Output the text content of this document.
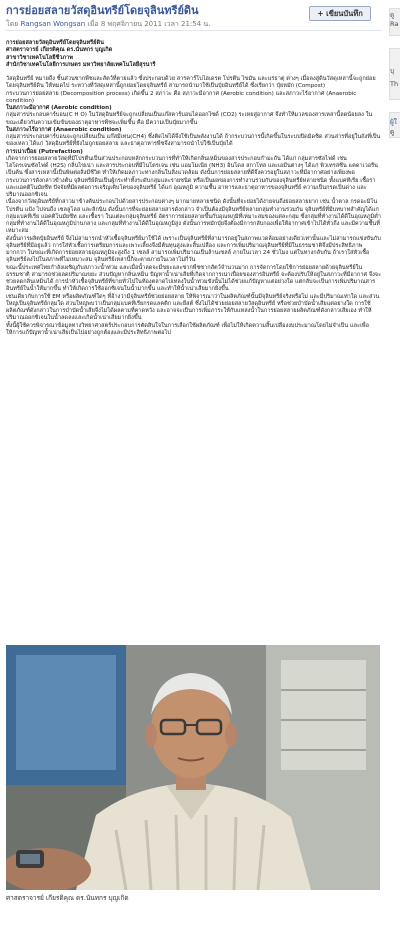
การย่อยสลายวัสดุอินทรีย์โดยจุลินทรีย์ดิน
โดย Rangsan Wongsan เมื่อ 8 พฤศจิกายน 2011 เวลา 21:54 น.
+ เขียนบันทึก

การย่อยสลายวัสดุอินทรีย์โดยจุลินทรีย์ดิน

ศาสตราจารย์ เกียรติคุณ ดร.นันทกร บุญเกิด

สาขาวิชาเทคโนโลยีชีวภาพ

สำนักวิชาเทคโนโลยีการเกษตร มหาวิทยาลัยเทคโนโลยีสุรนารี

วัสดุอินทรีย์ หมายถึง ชิ้นส่วนซากพืชและสัตว์ที่ตายแล้ว ซึ่งประกอบด้วย สารคาร์โบไฮเดรต โปรตีน ไขมัน และแร่ธาตุ ต่างๆ เมื่อลงสู่ดินวัสดุเหล่านี้จะถูกย่อย โดยจุลินทรีย์ดิน ให้หมดไป ระหว่างที่วัสดุเหล่านี้ถูกย่อยโดยจุลินทรีย์ สามารถนำมาใช้เป็นปุ๋ยอินทรีย์ได้ ซึ่งเรียกว่า ปุ๋ยหมัก (Compost)

กระบวนการย่อยสลาย (Decomposition process) เกิดขึ้น 2 สภาวะ คือ สภาวะมีอากาศ (Aerobic condition) และสภาวะไร้อากาศ (Anaerobic condition)

ในสภาวะมีอากาศ (Aerobic condition)

กลุ่มสารประกอบคาร์บอน(C H O) ในวัสดุอินทรีย์จะถูกเปลี่ยนเป็นแก๊สคาร์บอนไดออกไซด์ (CO2) ระเหยสู่อากาศ จึงทำให้มวลของสารเหล่านี้ลดน้อยลง ในขณะเดียวกันความเข้มข้นของธาตุอาหารพืชจะเพิ่มขึ้น คือ มีความเป็นปุ๋ยมากขึ้น

ในสภาวะไร้อากาศ (Anaerobic condition)

กลุ่มสารประกอบคาร์บอนจะถูกเปลี่ยนเป็น แก๊สมีเทน(CH4) ซึ่งติดไฟได้จึงใช้เป็นพลังงานได้ ถ้ากระบวนการนี้เกิดขึ้นในระบบปิดมิดชิด ส่วนสารที่อยู่ในถังที่เป็นของเหลว ได้แก่ วัสดุอินทรีย์ที่ยังไม่ถูกย่อยสลาย และธาตุอาหารพืชจึงสามารถนำไปใช้เป็นปุ๋ยได้

การเน่าเปื่อย (Putrefaction)

เกิดจากการย่อยสลายวัสดุที่มีโปรตีนเป็นส่วนประกอบหลักกระบวนการที่ทำให้เกิดกลิ่นเหม็นของสารประกอบกำมะถัน ได้แก่ กลุ่มสารซัลไฟด์ เช่น ไฮโดรเจนซัลไฟด์ (H2S) กลิ่นไข่เน่า และสารประกอบที่มีไนโตรเจน เช่น แอมโมเนีย (NH3) อินโดล สกาโทล และเอมีนต่างๆ ได้แก่ พิวเทรสซีน แคดาเวอรีน เป็นต้น ซึ่งสารเหล่านี้เป็นพิษต่อสิ่งมีชีวิต ทำให้เกิดมลภาวะทางกลิ่นในสิ่งแวดล้อม ดังนั้นการย่อยสลายที่ดีจึงควรอยู่ในสภาวะที่มีอากาศอย่างเพียงพอ

กระบวนการดังกล่าวข้างต้น จุลินทรีย์ดินเป็นผู้กระทำทั้งระดับกลุ่มและรายชนิด หรือเป็นผลของการทำงานร่วมกันของจุลินทรีย์หลายชนิด ทั้งแบคทีเรีย เชื้อรา และแอคติโนมัยซีท ปัจจัยที่มีผลต่อการเจริญเติบโตของจุลินทรีย์ ได้แก่ อุณหภูมิ ความชื้น อาหารและธาตุอาหารของจุลินทรีย์ ความเป็นกรดเป็นด่าง และปริมาณออกซิเจน

เนื่องจากวัสดุอินทรีย์ที่กล่าวมาข้างต้นประกอบไปด้วยสารประกอบต่างๆ มากมายหลายชนิด ดังนั้นที่จะย่อยได้ง่ายจนถึงย่อยสลายยาก เช่น น้ำตาล กรดอะมิโน โปรตีน แป้ง ไปจนถึง เซลลูโลส และลิกนิน ดังนั้นการที่จะย่อยสลายสารดังกล่าว จำเป็นต้องมีจุลินทรีย์หลายกลุ่มทำงานร่วมกัน จุลินทรีย์ที่มีบทบาทสำคัญได้แก่กลุ่มแบคทีเรีย แอคติโนมัยซีท และเชื้อรา ในแต่ละกลุ่มจุลินทรีย์ อัตราการย่อยสลายขึ้นกับอุณหภูมิที่เหมาะสมของแต่ละกลุ่ม ซึ่งกลุ่มที่ทำงานได้ดีในอุณหภูมิต่ำ กลุ่มที่ทำงานได้ดีในอุณหภูมิปานกลาง และกลุ่มที่ทำงานได้ดีในอุณหภูมิสูง ดังนั้นการหมักปุ๋ยจึงต้องมีการกลับกองเพื่อให้อากาศเข้าไปได้ทั่วถึง และมีความชื้นที่เหมาะสม

ดังนั้นการผลิตปุ๋ยอินทรีย์ จึงไม่สามารถนำหัวเชื้อจุลินทรีย์มาใช้ได้ เพราะเป็นจุลินทรีย์ที่สามารถอยู่ในสภาพแวดล้อมอย่างเดียวเท่านั้นและไม่สามารถแข่งขันกับจุลินทรีย์ที่มีอยู่แล้ว การใส่หัวเชื้อการเตรียมการและเพาะเลี้ยงจึงมีต้นทุนสูงและสิ้นเปลือง และการเพิ่มปริมาณจุลินทรีย์ที่มีในธรรมชาติจึงมีประสิทธิภาพมากกว่า ในขณะที่เกิดการย่อยสลายอุณหภูมิจะสูงถึง 1 เซลล์ สามารถเพิ่มปริมาณเป็นล้านเซลล์ ภายในเวลา 24 ชั่วโมง แต่ในทางกลับกัน ถ้าเราใส่หัวเชื้อจุลินทรีย์ลงไปในสภาพที่ไม่เหมาะสม จุลินทรีย์เหล่านี้ก็จะตายภายในเวลาไม่กี่วัน

ขณะนี้ประเทศไทยกำลังเผชิญกับสภาวะน้ำท่วม และเมื่อน้ำลดจะมีขยะและซากพืชซากสัตว์จำนวนมาก การจัดการโดยใช้การย่อยสลายด้วยจุลินทรีย์ในธรรมชาติ สามารถช่วยลดปริมาณขยะ ส่วนปัญหากลิ่นเหม็น ปัญหาน้ำเน่าเสียที่เกิดจากการเน่าเปื่อยของสารอินทรีย์ จะต้องปรับให้อยู่ในสภาวะที่มีอากาศ จึงจะช่วยลดกลิ่นเหม็นได้ การนำหัวเชื้อจุลินทรีย์ที่ขายทั่วไปในท้องตลาดไปเทลงในน้ำท่วมขังนั้นไม่ได้ช่วยแก้ปัญหาแต่อย่างใด แต่กลับจะเป็นการเพิ่มปริมาณสารอินทรีย์ในน้ำให้มากขึ้น ทำให้เกิดการใช้ออกซิเจนในน้ำมากขึ้น และทำให้น้ำเน่าเสียมากยิ่งขึ้น

เช่นเดียวกับการใช้ EM หรือผลิตภัณฑ์ใดๆ ที่อ้างว่ามีจุลินทรีย์ช่วยย่อยสลาย ให้พิจารณาว่าในผลิตภัณฑ์นั้นมีจุลินทรีย์จริงหรือไม่ และมีปริมาณเท่าใด และส่วนใหญ่เป็นจุลินทรีย์กลุ่มใด ส่วนใหญ่พบว่าเป็นกลุ่มแบคทีเรียกรดแลคติก และยีสต์ ซึ่งไม่ได้ช่วยย่อยสลายวัสดุอินทรีย์ หรือช่วยบำบัดน้ำเสียแต่อย่างใด การใช้ผลิตภัณฑ์ดังกล่าวในการบำบัดน้ำเสียจึงไม่ได้ผลตามที่คาดหวัง และอาจจะเป็นการเพิ่มภาระให้กับแหล่งน้ำในการย่อยสลายผลิตภัณฑ์ดังกล่าวเสียเอง ทำให้ปริมาณออกซิเจนในน้ำลดลงและเกิดน้ำเน่าเสียมากยิ่งขึ้น

ทั้งนี้ผู้ใช้ควรพิจารณาข้อมูลทางวิทยาศาสตร์ประกอบการตัดสินใจในการเลือกใช้ผลิตภัณฑ์ เพื่อไม่ให้เกิดความสิ้นเปลืองงบประมาณโดยไม่จำเป็น และเพื่อให้การแก้ปัญหาน้ำเน่าเสียเป็นไปอย่างถูกต้องและมีประสิทธิภาพต่อไป

ศาสตราจารย์ เกียรติคุณ ดร.นันทกร บุญเกิด
ดู
Ra
บุ
Th
ผู้ใ
ดู
